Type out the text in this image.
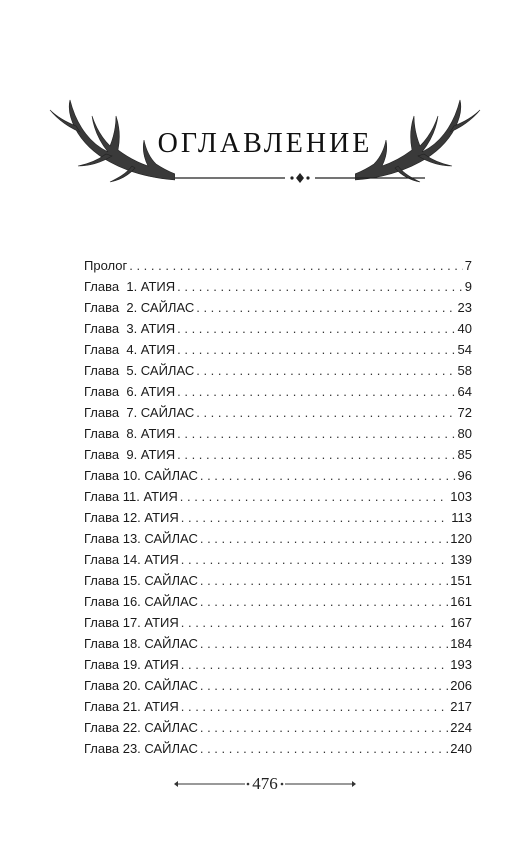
ОГЛАВЛЕНИЕ
Пролог . . .	7
Глава  1. АТИЯ . . .	9
Глава  2. САЙЛАС . . .	23
Глава  3. АТИЯ . . .	40
Глава  4. АТИЯ . . .	54
Глава  5. САЙЛАС . . .	58
Глава  6. АТИЯ . . .	64
Глава  7. САЙЛАС . . .	72
Глава  8. АТИЯ . . .	80
Глава  9. АТИЯ . . .	85
Глава 10. САЙЛАС . . .	96
Глава 11. АТИЯ . . .	103
Глава 12. АТИЯ . . .	113
Глава 13. САЙЛАС . . .	120
Глава 14. АТИЯ . . .	139
Глава 15. САЙЛАС . . .	151
Глава 16. САЙЛАС . . .	161
Глава 17. АТИЯ . . .	167
Глава 18. САЙЛАС . . .	184
Глава 19. АТИЯ . . .	193
Глава 20. САЙЛАС . . .	206
Глава 21. АТИЯ . . .	217
Глава 22. САЙЛАС . . .	224
Глава 23. САЙЛАС . . .	240
476
